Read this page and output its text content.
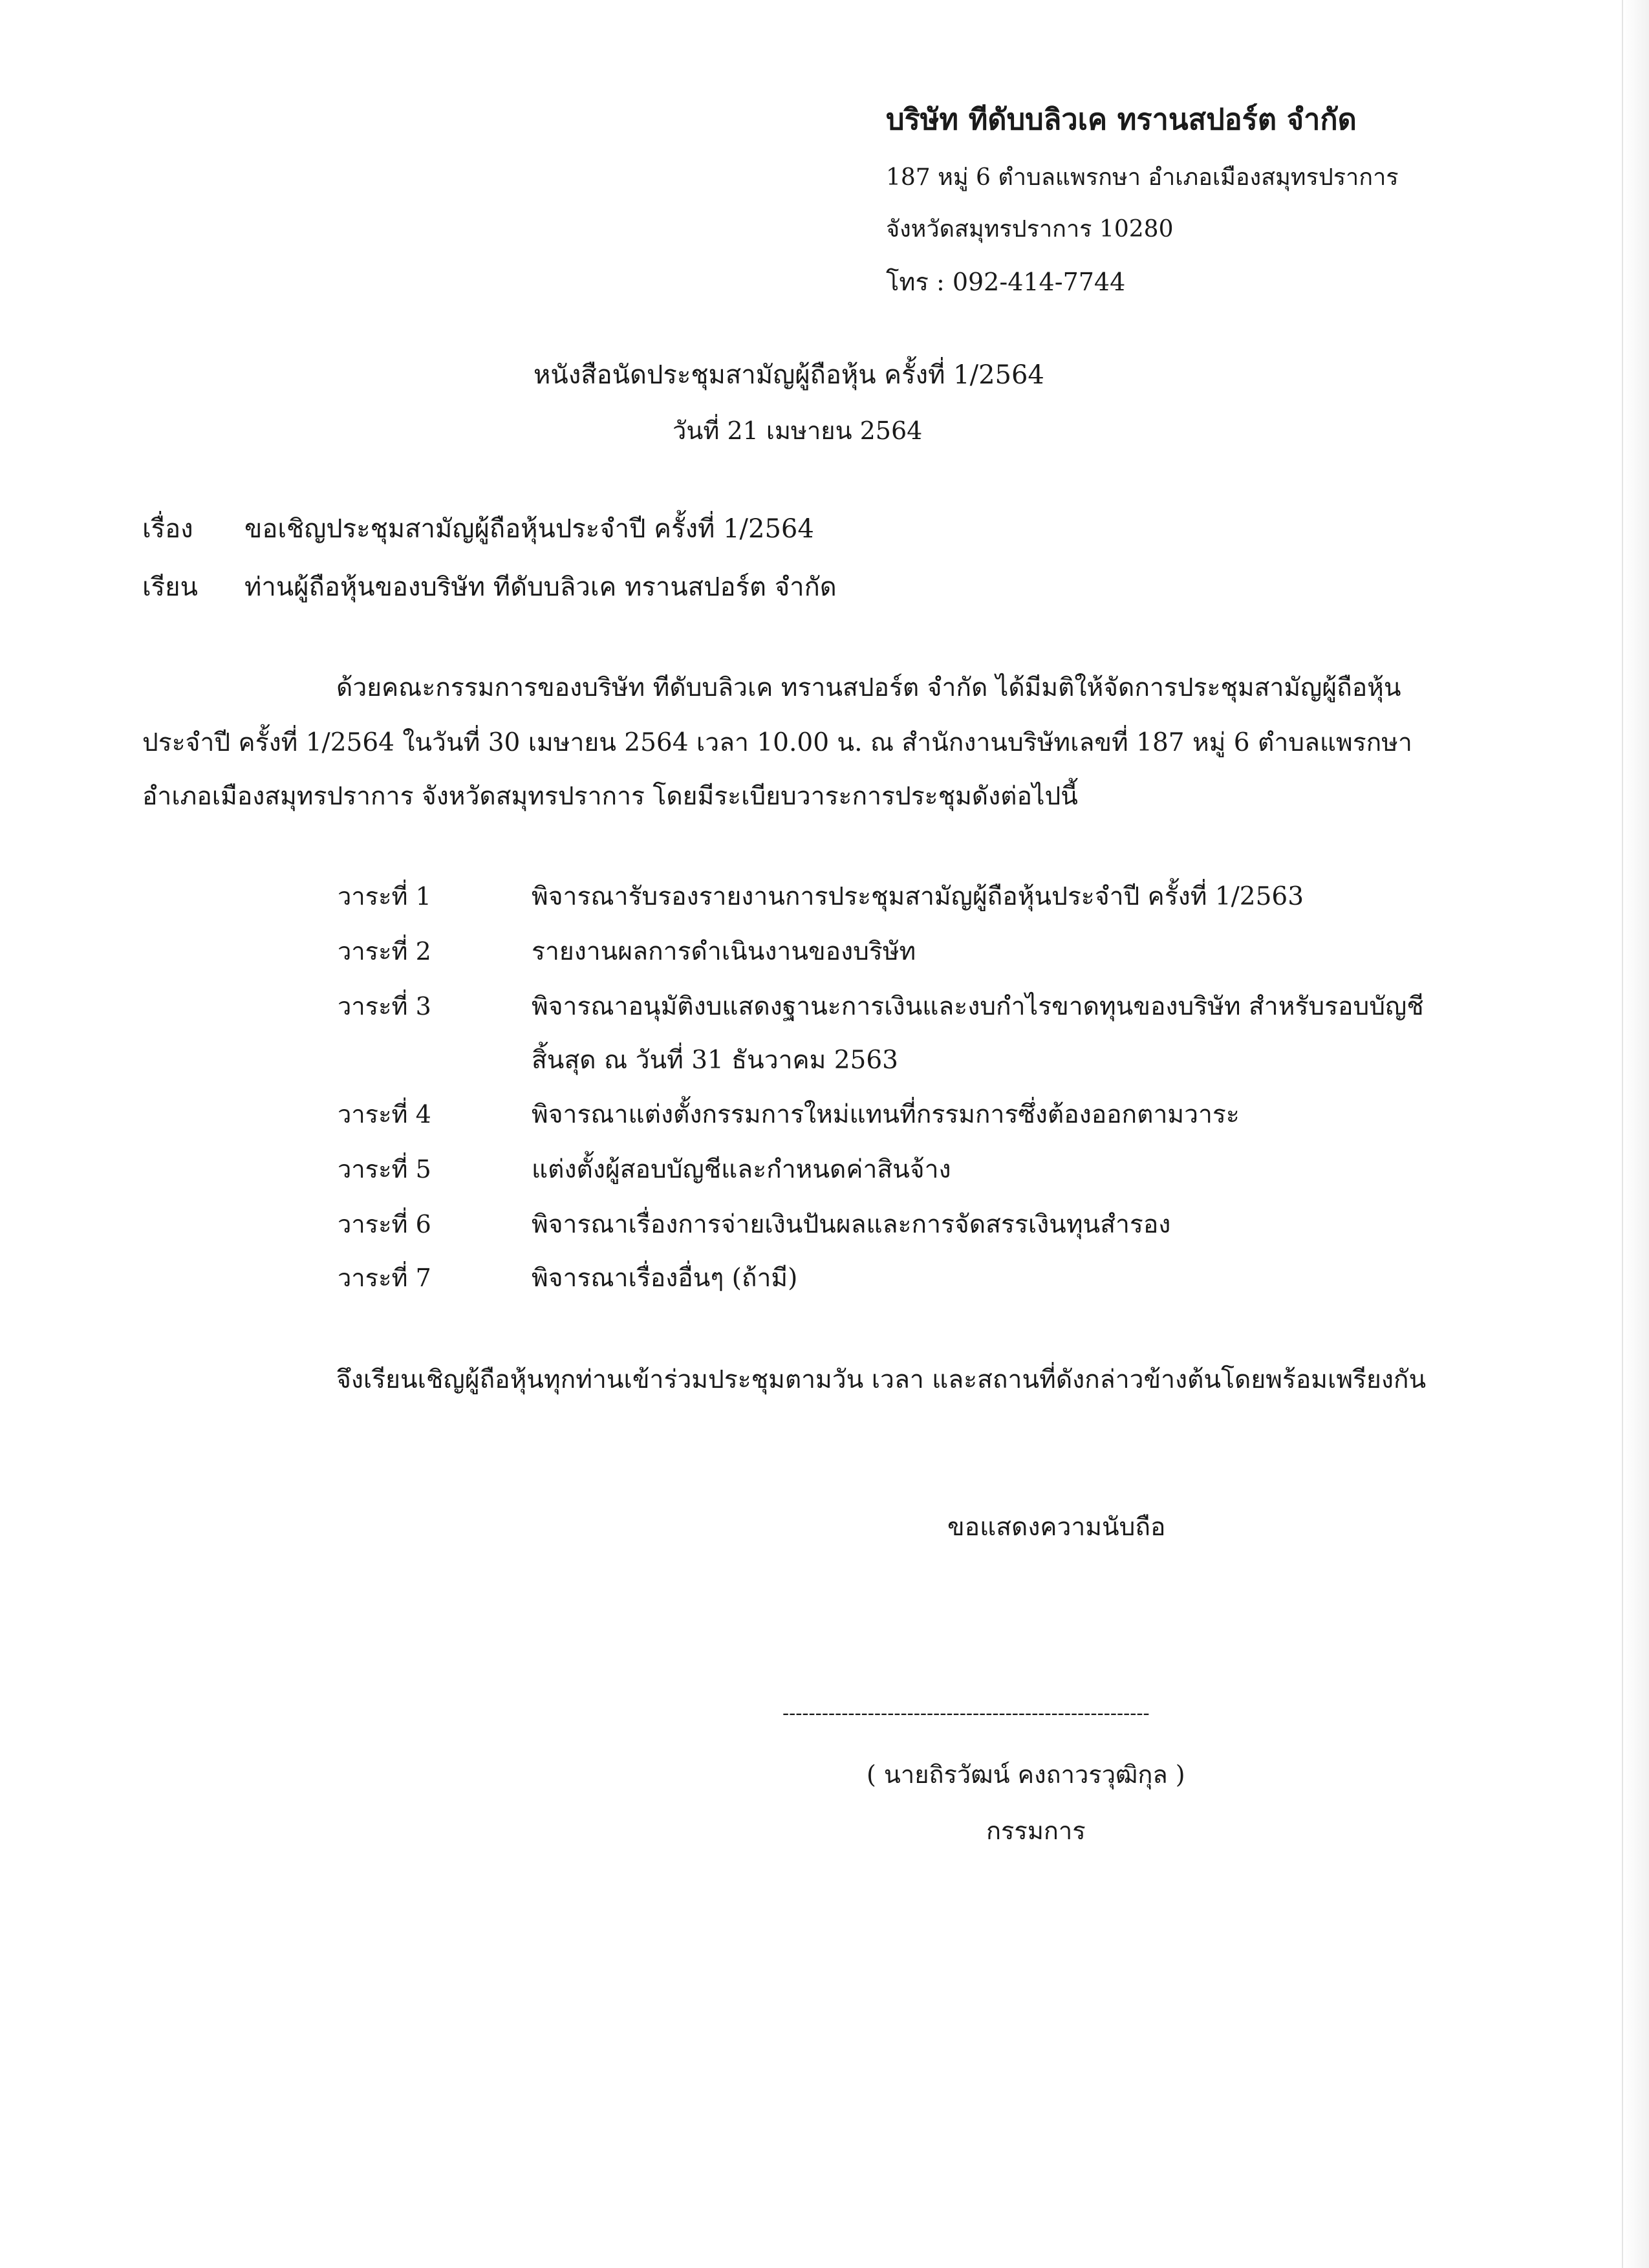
บริษัท ทีดับบลิวเค ทรานสปอร์ต จำกัด
187 หมู่ 6 ตำบลแพรกษา อำเภอเมืองสมุทรปราการ
จังหวัดสมุทรปราการ 10280
โทร : 092-414-7744
หนังสือนัดประชุมสามัญผู้ถือหุ้น ครั้งที่ 1/2564
วันที่ 21 เมษายน 2564
เรื่อง ขอเชิญประชุมสามัญผู้ถือหุ้นประจำปี ครั้งที่ 1/2564
เรียน ท่านผู้ถือหุ้นของบริษัท ทีดับบลิวเค ทรานสปอร์ต จำกัด
ด้วยคณะกรรมการของบริษัท ทีดับบลิวเค ทรานสปอร์ต จำกัด ได้มีมติให้จัดการประชุมสามัญผู้ถือหุ้น
ประจำปี ครั้งที่ 1/2564 ในวันที่ 30 เมษายน 2564 เวลา 10.00 น. ณ สำนักงานบริษัทเลขที่ 187 หมู่ 6 ตำบลแพรกษา
อำเภอเมืองสมุทรปราการ จังหวัดสมุทรปราการ โดยมีระเบียบวาระการประชุมดังต่อไปนี้
วาระที่ 1	พิจารณารับรองรายงานการประชุมสามัญผู้ถือหุ้นประจำปี ครั้งที่ 1/2563
วาระที่ 2	รายงานผลการดำเนินงานของบริษัท
วาระที่ 3	พิจารณาอนุมัติงบแสดงฐานะการเงินและงบกำไรขาดทุนของบริษัท สำหรับรอบบัญชี
สิ้นสุด ณ วันที่ 31 ธันวาคม 2563
วาระที่ 4	พิจารณาแต่งตั้งกรรมการใหม่แทนที่กรรมการซึ่งต้องออกตามวาระ
วาระที่ 5	แต่งตั้งผู้สอบบัญชีและกำหนดค่าสินจ้าง
วาระที่ 6	พิจารณาเรื่องการจ่ายเงินปันผลและการจัดสรรเงินทุนสำรอง
วาระที่ 7	พิจารณาเรื่องอื่นๆ (ถ้ามี)
จึงเรียนเชิญผู้ถือหุ้นทุกท่านเข้าร่วมประชุมตามวัน เวลา และสถานที่ดังกล่าวข้างต้นโดยพร้อมเพรียงกัน
ขอแสดงความนับถือ
--------------------------------------------------------
( นายถิรวัฒน์ คงถาวรวุฒิกุล )
กรรมการ
